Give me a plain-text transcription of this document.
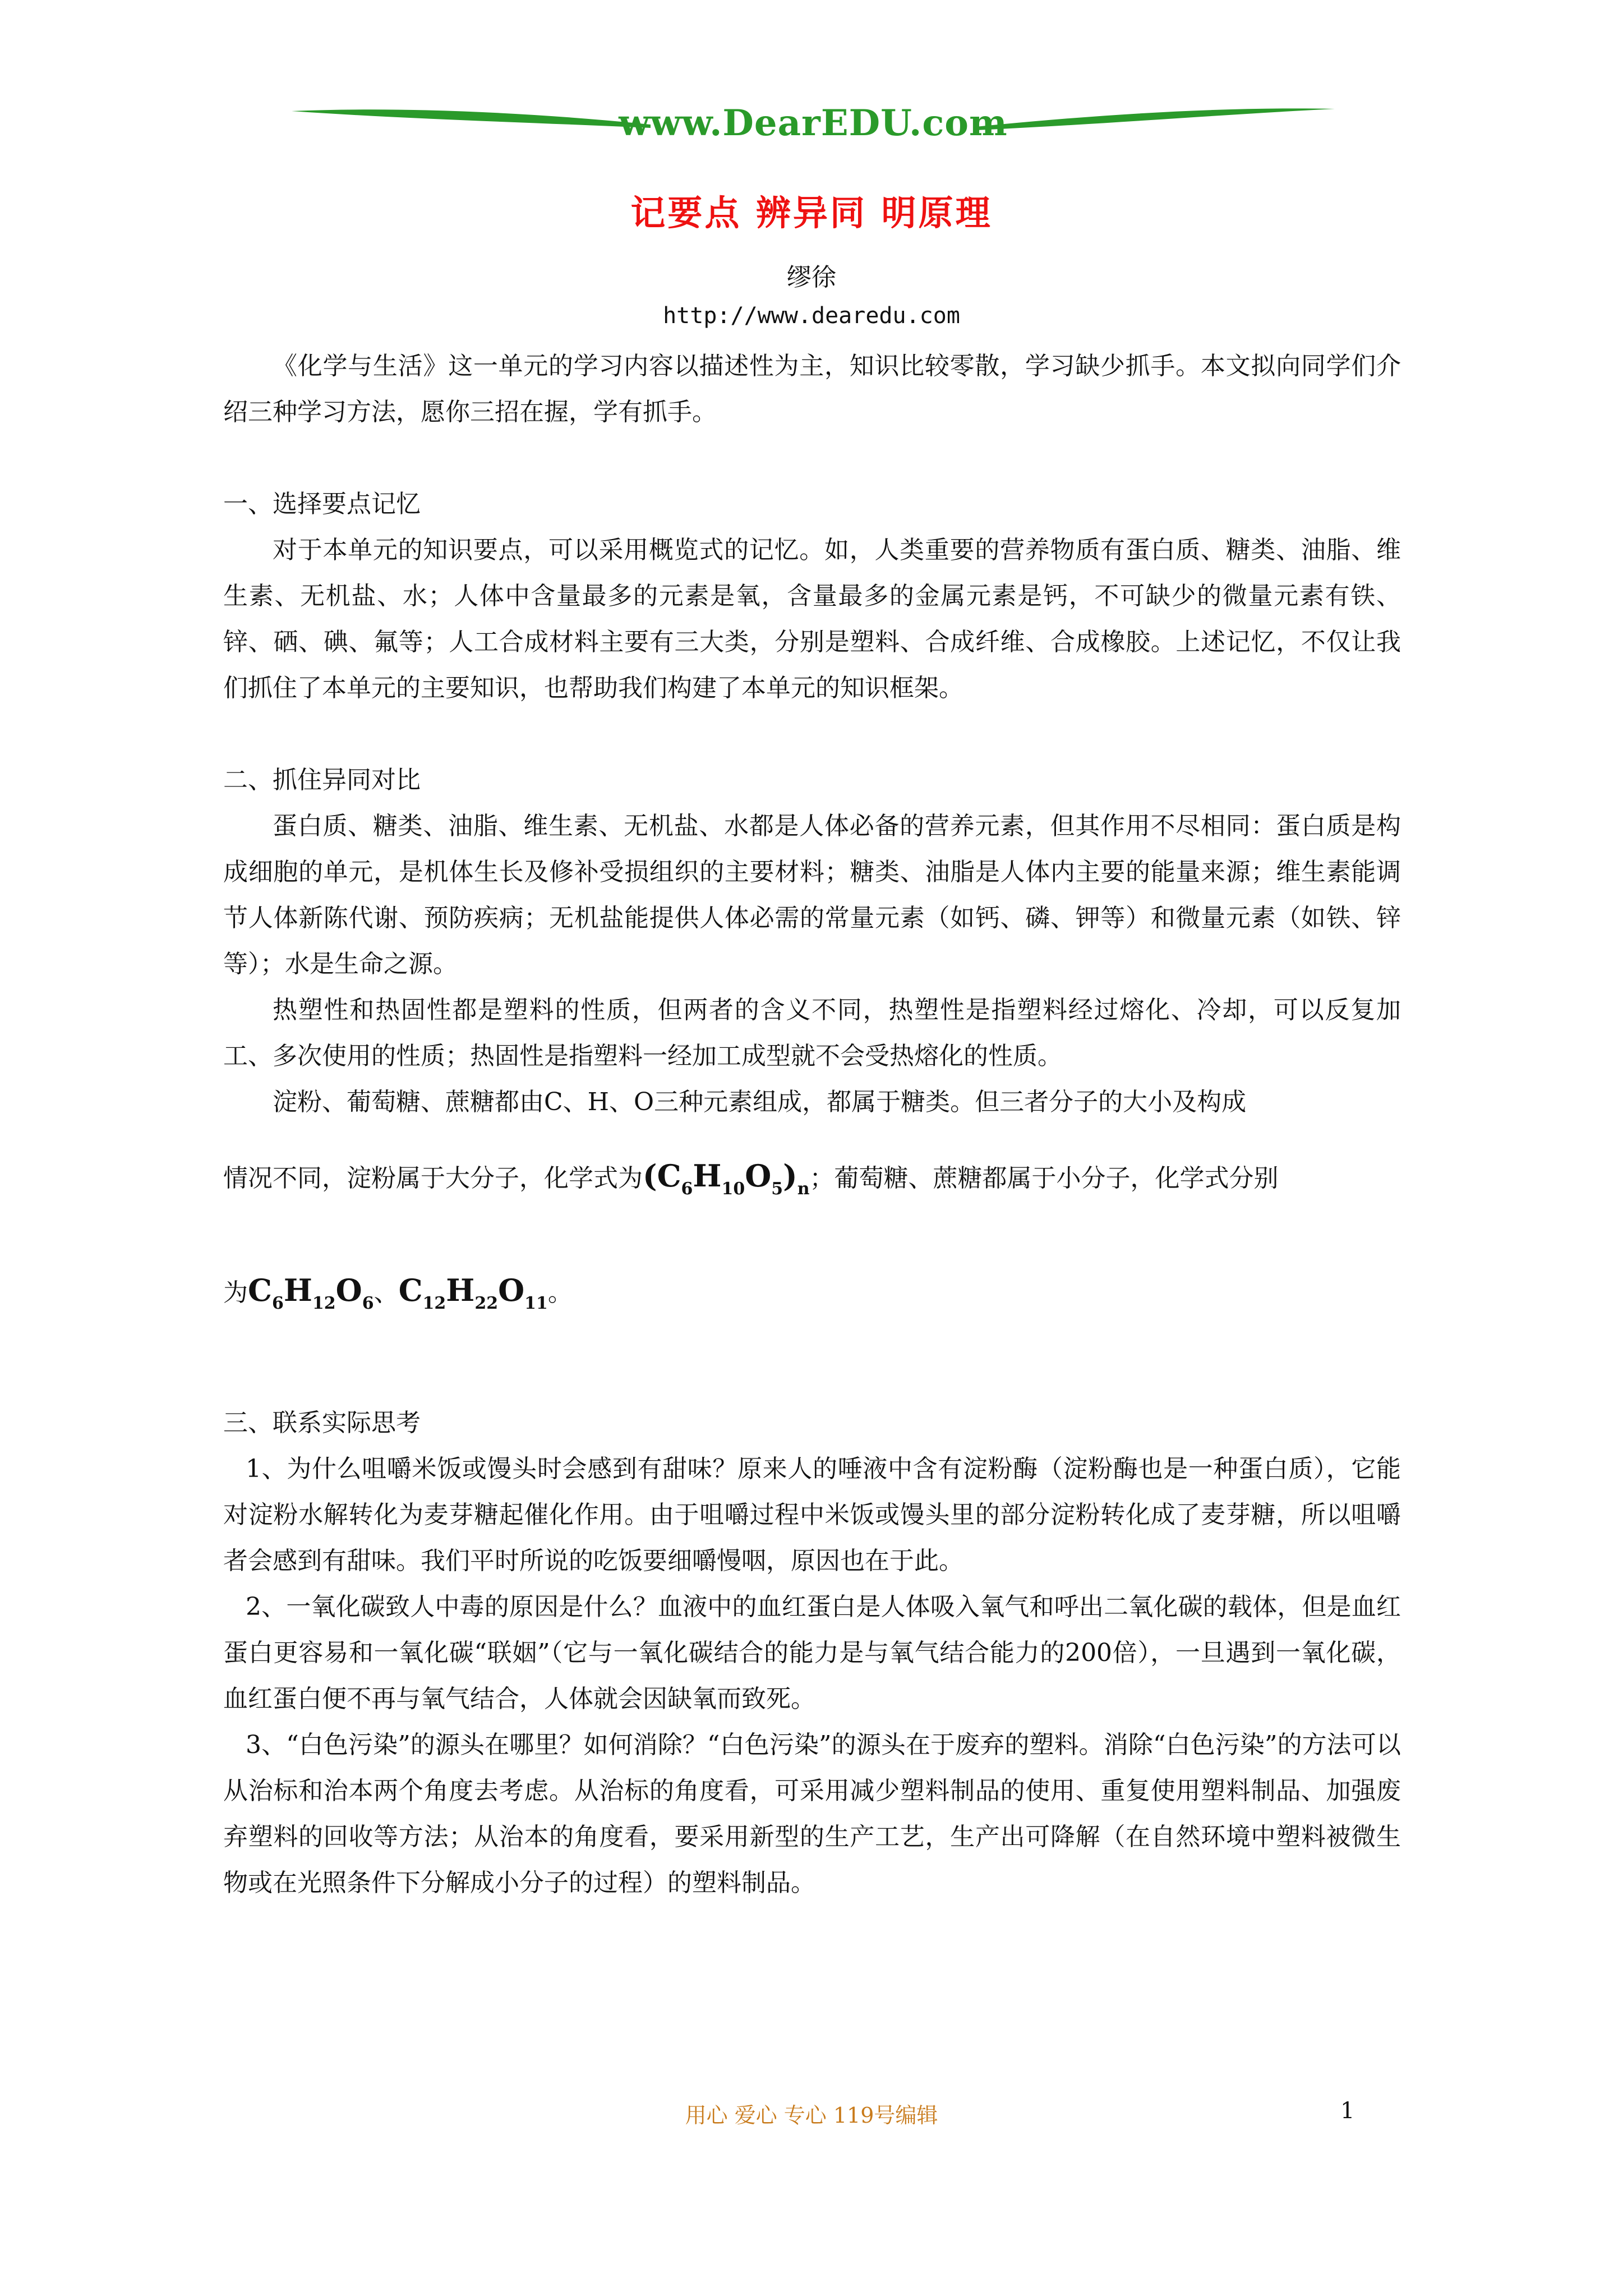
www.DearEDU.com
记要点 辨异同 明原理
缪徐
http://www.dearedu.com

《化学与生活》这一单元的学习内容以描述性为主，知识比较零散，学习缺少抓手。本文拟向同学们介绍三种学习方法，愿你三招在握，学有抓手。

一、选择要点记忆

对于本单元的知识要点，可以采用概览式的记忆。如，人类重要的营养物质有蛋白质、糖类、油脂、维生素、无机盐、水；人体中含量最多的元素是氧，含量最多的金属元素是钙，不可缺少的微量元素有铁、锌、硒、碘、氟等；人工合成材料主要有三大类，分别是塑料、合成纤维、合成橡胶。上述记忆，不仅让我们抓住了本单元的主要知识，也帮助我们构建了本单元的知识框架。

二、抓住异同对比

蛋白质、糖类、油脂、维生素、无机盐、水都是人体必备的营养元素，但其作用不尽相同：蛋白质是构成细胞的单元，是机体生长及修补受损组织的主要材料；糖类、油脂是人体内主要的能量来源；维生素能调节人体新陈代谢、预防疾病；无机盐能提供人体必需的常量元素（如钙、磷、钾等）和微量元素（如铁、锌等）；水是生命之源。

热塑性和热固性都是塑料的性质，但两者的含义不同，热塑性是指塑料经过熔化、冷却，可以反复加工、多次使用的性质；热固性是指塑料一经加工成型就不会受热熔化的性质。

淀粉、葡萄糖、蔗糖都由C、H、O三种元素组成，都属于糖类。但三者分子的大小及构成

情况不同，淀粉属于大分子，化学式为$(C_6H_{10}O_5)_n$；葡萄糖、蔗糖都属于小分子，化学式分别

为$C_6H_{12}O_6$、$C_{12}H_{22}O_{11}$。

三、联系实际思考

1、为什么咀嚼米饭或馒头时会感到有甜味？原来人的唾液中含有淀粉酶（淀粉酶也是一种蛋白质），它能对淀粉水解转化为麦芽糖起催化作用。由于咀嚼过程中米饭或馒头里的部分淀粉转化成了麦芽糖，所以咀嚼者会感到有甜味。我们平时所说的吃饭要细嚼慢咽，原因也在于此。

2、一氧化碳致人中毒的原因是什么？血液中的血红蛋白是人体吸入氧气和呼出二氧化碳的载体，但是血红蛋白更容易和一氧化碳“联姻”（它与一氧化碳结合的能力是与氧气结合能力的200倍），一旦遇到一氧化碳，血红蛋白便不再与氧气结合，人体就会因缺氧而致死。

3、“白色污染”的源头在哪里？如何消除？“白色污染”的源头在于废弃的塑料。消除“白色污染”的方法可以从治标和治本两个角度去考虑。从治标的角度看，可采用减少塑料制品的使用、重复使用塑料制品、加强废弃塑料的回收等方法；从治本的角度看，要采用新型的生产工艺，生产出可降解（在自然环境中塑料被微生物或在光照条件下分解成小分子的过程）的塑料制品。

用心 爱心 专心 119号编辑	1
